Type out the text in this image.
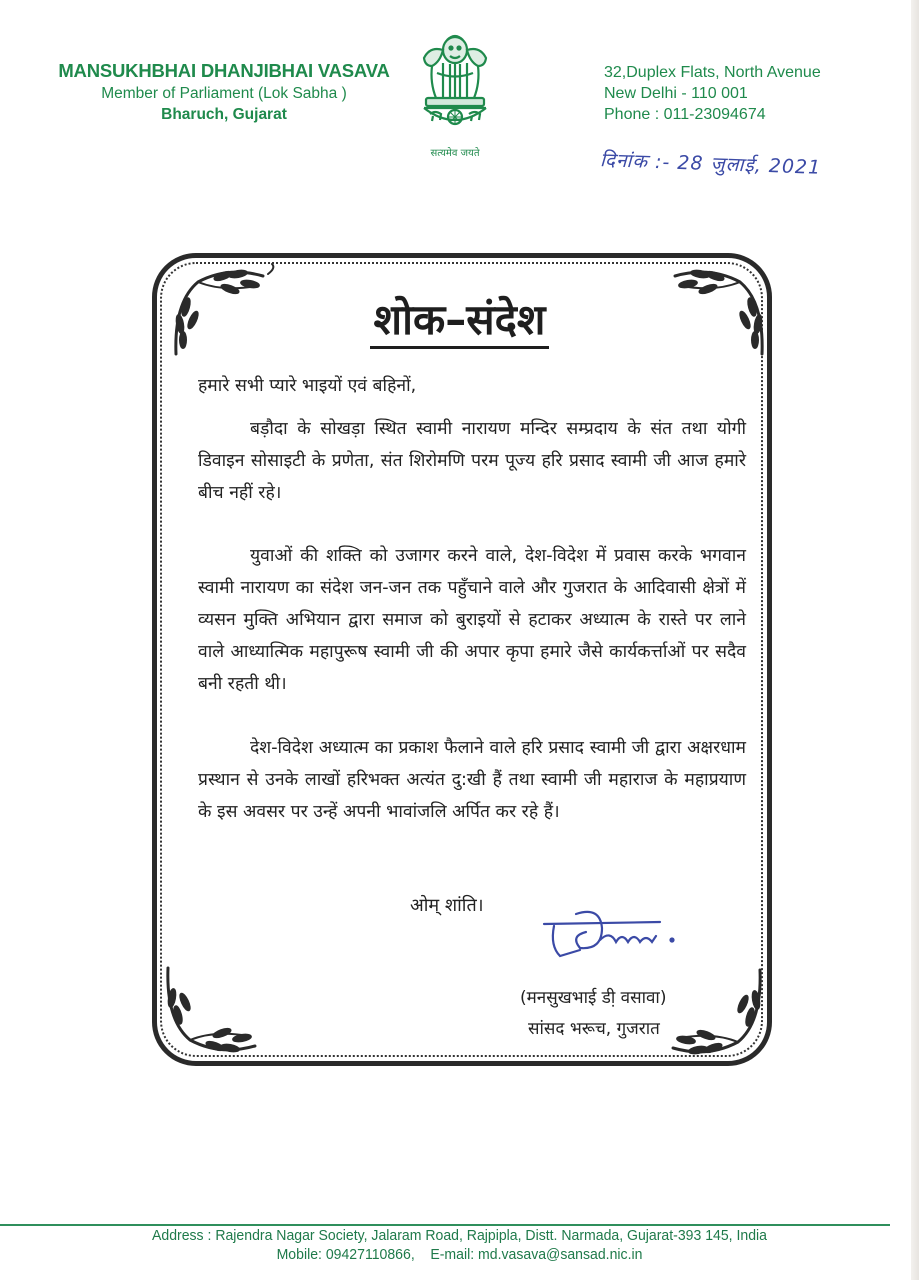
MANSUKHBHAI DHANJIBHAI VASAVA
Member of Parliament (Lok Sabha )
Bharuch, Gujarat
सत्यमेव जयते
32,Duplex Flats, North Avenue
New Delhi - 110 001
Phone : 011-23094674
दिनांक :- 28 जुलाई, 2021
शोक–संदेश
हमारे सभी प्यारे भाइयों एवं बहिनों,
बड़ौदा के सोखड़ा स्थित स्वामी नारायण मन्दिर सम्प्रदाय के संत तथा योगी डिवाइन सोसाइटी के प्रणेता, संत शिरोमणि परम पूज्य हरि प्रसाद स्वामी जी आज हमारे बीच नहीं रहे।
युवाओं की शक्ति को उजागर करने वाले, देश-विदेश में प्रवास करके भगवान स्वामी नारायण का संदेश जन-जन तक पहुँचाने वाले और गुजरात के आदिवासी क्षेत्रों में व्यसन मुक्ति अभियान द्वारा समाज को बुराइयों से हटाकर अध्यात्म के रास्ते पर लाने वाले आध्यात्मिक महापुरूष स्वामी जी की अपार कृपा हमारे जैसे कार्यकर्त्ताओं पर सदैव बनी रहती थी।
देश-विदेश अध्यात्म का प्रकाश फैलाने वाले हरि प्रसाद स्वामी जी द्वारा अक्षरधाम प्रस्थान से उनके लाखों हरिभक्त अत्यंत दु:खी हैं तथा स्वामी जी महाराज के महाप्रयाण के इस अवसर पर उन्हें अपनी भावांजलि अर्पित कर रहे हैं।
ओम् शांति।
(मनसुखभाई डी़ वसावा)
सांसद भरूच, गुजरात
Address : Rajendra Nagar Society, Jalaram Road, Rajpipla, Distt. Narmada, Gujarat-393 145, India
Mobile: 09427110866,    E-mail: md.vasava@sansad.nic.in
